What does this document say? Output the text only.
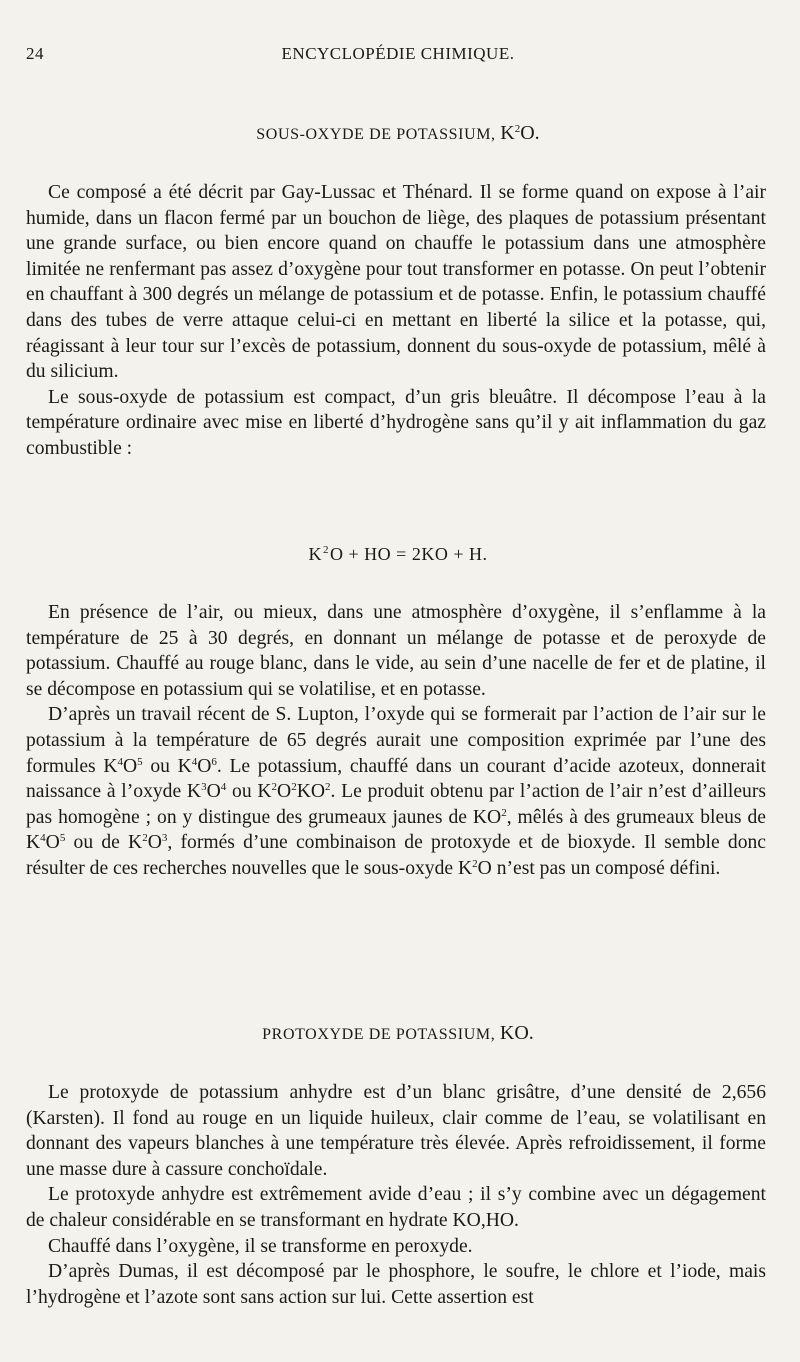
24	ENCYCLOPÉDIE CHIMIQUE.
SOUS-OXYDE DE POTASSIUM, $K^2O$.

Ce composé a été décrit par Gay-Lussac et Thénard. Il se forme quand on expose à l’air humide, dans un flacon fermé par un bouchon de liège, des plaques de potassium présentant une grande surface, ou bien encore quand on chauffe le potassium dans une atmosphère limitée ne renfermant pas assez d’oxygène pour tout transformer en potasse. On peut l’obtenir en chauffant à 300 degrés un mélange de potassium et de potasse. Enfin, le potassium chauffé dans des tubes de verre attaque celui-ci en mettant en liberté la silice et la potasse, qui, réagissant à leur tour sur l’excès de potassium, donnent du sous-oxyde de potassium, mêlé à du silicium.

Le sous-oxyde de potassium est compact, d’un gris bleuâtre. Il décompose l’eau à la température ordinaire avec mise en liberté d’hydrogène sans qu’il y ait inflammation du gaz combustible :

$K^2O$ + HO = 2KO + H.

En présence de l’air, ou mieux, dans une atmosphère d’oxygène, il s’enflamme à la température de 25 à 30 degrés, en donnant un mélange de potasse et de peroxyde de potassium. Chauffé au rouge blanc, dans le vide, au sein d’une nacelle de fer et de platine, il se décompose en potassium qui se volatilise, et en potasse.

D’après un travail récent de S. Lupton, l’oxyde qui se formerait par l’action de l’air sur le potassium à la température de 65 degrés aurait une composition exprimée par l’une des formules $K^4O^5$ ou $K^4O^6$. Le potassium, chauffé dans un courant d’acide azoteux, donnerait naissance à l’oxyde $K^3O^4$ ou $K^2O^2KO^2$. Le produit obtenu par l’action de l’air n’est d’ailleurs pas homogène ; on y distingue des grumeaux jaunes de $KO^2$, mêlés à des grumeaux bleus de $K^4O^5$ ou de $K^2O^3$, formés d’une combinaison de protoxyde et de bioxyde. Il semble donc résulter de ces recherches nouvelles que le sous-oxyde $K^2O$ n’est pas un composé défini.

PROTOXYDE DE POTASSIUM, KO.

Le protoxyde de potassium anhydre est d’un blanc grisâtre, d’une densité de 2,656 (Karsten). Il fond au rouge en un liquide huileux, clair comme de l’eau, se volatilisant en donnant des vapeurs blanches à une température très élevée. Après refroidissement, il forme une masse dure à cassure conchoïdale.

Le protoxyde anhydre est extrêmement avide d’eau ; il s’y combine avec un dégagement de chaleur considérable en se transformant en hydrate KO,HO.

Chauffé dans l’oxygène, il se transforme en peroxyde.

D’après Dumas, il est décomposé par le phosphore, le soufre, le chlore et l’iode, mais l’hydrogène et l’azote sont sans action sur lui. Cette assertion est
